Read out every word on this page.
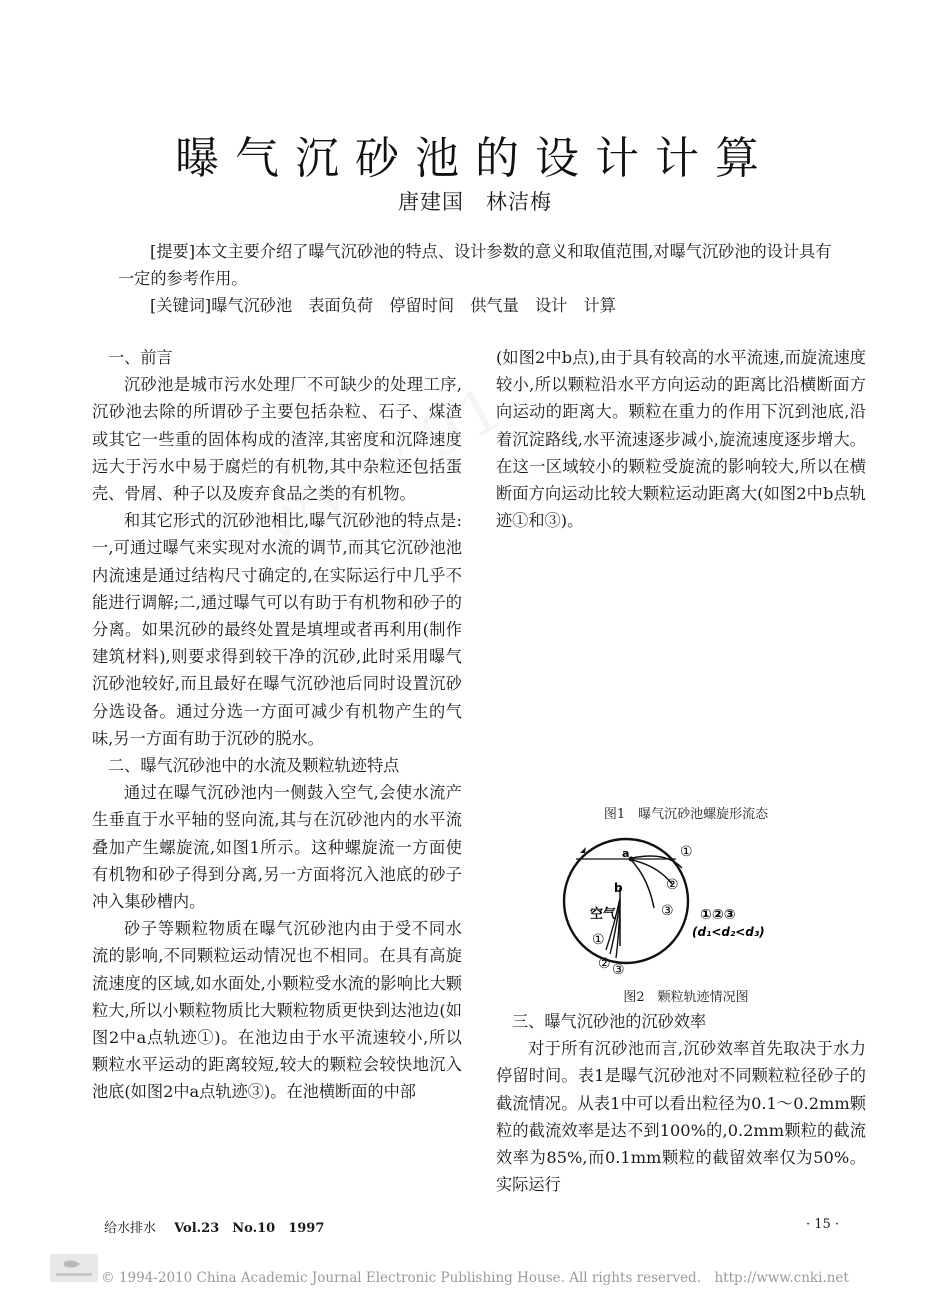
曝气沉砂池的设计计算
唐建国　林洁梅
[提要]本文主要介绍了曝气沉砂池的特点、设计参数的意义和取值范围,对曝气沉砂池的设计具有一定的参考作用。
[关键词]曝气沉砂池　表面负荷　停留时间　供气量　设计　计算

一、前言

沉砂池是城市污水处理厂不可缺少的处理工序,沉砂池去除的所谓砂子主要包括杂粒、石子、煤渣或其它一些重的固体构成的渣滓,其密度和沉降速度远大于污水中易于腐烂的有机物,其中杂粒还包括蛋壳、骨屑、种子以及废弃食品之类的有机物。

和其它形式的沉砂池相比,曝气沉砂池的特点是:一,可通过曝气来实现对水流的调节,而其它沉砂池池内流速是通过结构尺寸确定的,在实际运行中几乎不能进行调解;二,通过曝气可以有助于有机物和砂子的分离。如果沉砂的最终处置是填埋或者再利用(制作建筑材料),则要求得到较干净的沉砂,此时采用曝气沉砂池较好,而且最好在曝气沉砂池后同时设置沉砂分选设备。通过分选一方面可减少有机物产生的气味,另一方面有助于沉砂的脱水。

二、曝气沉砂池中的水流及颗粒轨迹特点

通过在曝气沉砂池内一侧鼓入空气,会使水流产生垂直于水平轴的竖向流,其与在沉砂池内的水平流叠加产生螺旋流,如图1所示。这种螺旋流一方面使有机物和砂子得到分离,另一方面将沉入池底的砂子冲入集砂槽内。

砂子等颗粒物质在曝气沉砂池内由于受不同水流的影响,不同颗粒运动情况也不相同。在具有高旋流速度的区域,如水面处,小颗粒受水流的影响比大颗粒大,所以小颗粒物质比大颗粒物质更快到达池边(如图2中a点轨迹①)。在池边由于水平流速较小,所以颗粒水平运动的距离较短,较大的颗粒会较快地沉入池底(如图2中a点轨迹③)。在池横断面的中部

(如图2中b点),由于具有较高的水平流速,而旋流速度较小,所以颗粒沿水平方向运动的距离比沿横断面方向运动的距离大。颗粒在重力的作用下沉到池底,沿着沉淀路线,水平流速逐步减小,旋流速度逐步增大。在这一区域较小的颗粒受旋流的影响较大,所以在横断面方向运动比较大颗粒运动距离大(如图2中b点轨迹①和③)。

图1　曝气沉砂池螺旋形流态
a
b
空气
①
②
③
①
② ③
①②③
(d₁<d₂<d₃)
图2　颗粒轨迹情况图

三、曝气沉砂池的沉砂效率

对于所有沉砂池而言,沉砂效率首先取决于水力停留时间。表1是曝气沉砂池对不同颗粒粒径砂子的截流情况。从表1中可以看出粒径为0.1～0.2mm颗粒的截流效率是达不到100%的,0.2mm颗粒的截流效率为85%,而0.1mm颗粒的截留效率仅为50%。实际运行

给水排水 Vol.23　No.10　1997	· 15 ·
© 1994-2010 China Academic Journal Electronic Publishing House. All rights reserved.　http://www.cnki.net
